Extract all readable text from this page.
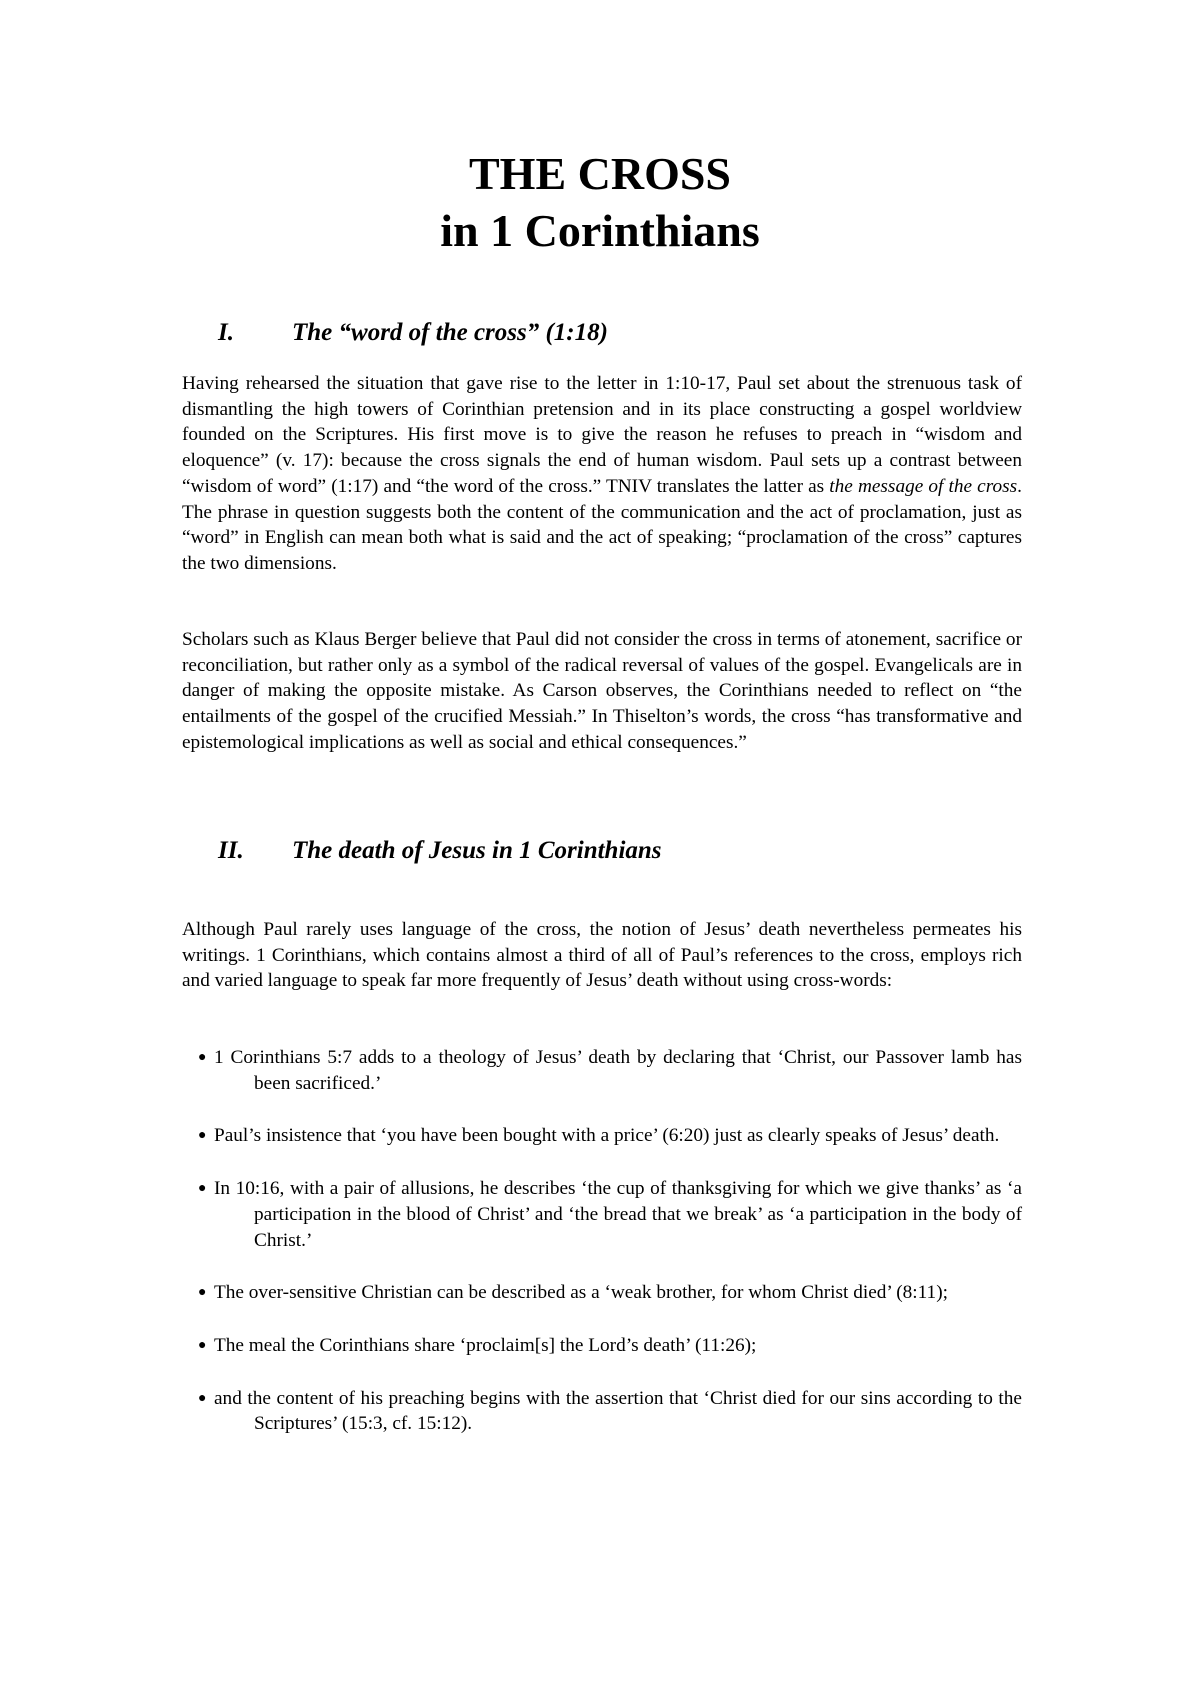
THE CROSS
in 1 Corinthians
I. The “word of the cross” (1:18)

Having rehearsed the situation that gave rise to the letter in 1:10-17, Paul set about the strenuous task of dismantling the high towers of Corinthian pretension and in its place constructing a gospel worldview founded on the Scriptures. His first move is to give the reason he refuses to preach in “wisdom and eloquence” (v. 17): because the cross signals the end of human wisdom. Paul sets up a contrast between “wisdom of word” (1:17) and “the word of the cross.” TNIV translates the latter as the message of the cross. The phrase in question suggests both the content of the communication and the act of proclamation, just as “word” in English can mean both what is said and the act of speaking; “proclamation of the cross” captures the two dimensions.

Scholars such as Klaus Berger believe that Paul did not consider the cross in terms of atonement, sacrifice or reconciliation, but rather only as a symbol of the radical reversal of values of the gospel. Evangelicals are in danger of making the opposite mistake. As Carson observes, the Corinthians needed to reflect on “the entailments of the gospel of the crucified Messiah.” In Thiselton’s words, the cross “has transformative and epistemological implications as well as social and ethical consequences.”

II. The death of Jesus in 1 Corinthians

Although Paul rarely uses language of the cross, the notion of Jesus’ death nevertheless permeates his writings. 1 Corinthians, which contains almost a third of all of Paul’s references to the cross, employs rich and varied language to speak far more frequently of Jesus’ death without using cross-words:

● 1 Corinthians 5:7 adds to a theology of Jesus’ death by declaring that ‘Christ, our Passover lamb has been sacrificed.’
● Paul’s insistence that ‘you have been bought with a price’ (6:20) just as clearly speaks of Jesus’ death.
● In 10:16, with a pair of allusions, he describes ‘the cup of thanksgiving for which we give thanks’ as ‘a participation in the blood of Christ’ and ‘the bread that we break’ as ‘a participation in the body of Christ.’
● The over-sensitive Christian can be described as a ‘weak brother, for whom Christ died’ (8:11);
● The meal the Corinthians share ‘proclaim[s] the Lord’s death’ (11:26);
● and the content of his preaching begins with the assertion that ‘Christ died for our sins according to the Scriptures’ (15:3, cf. 15:12).
